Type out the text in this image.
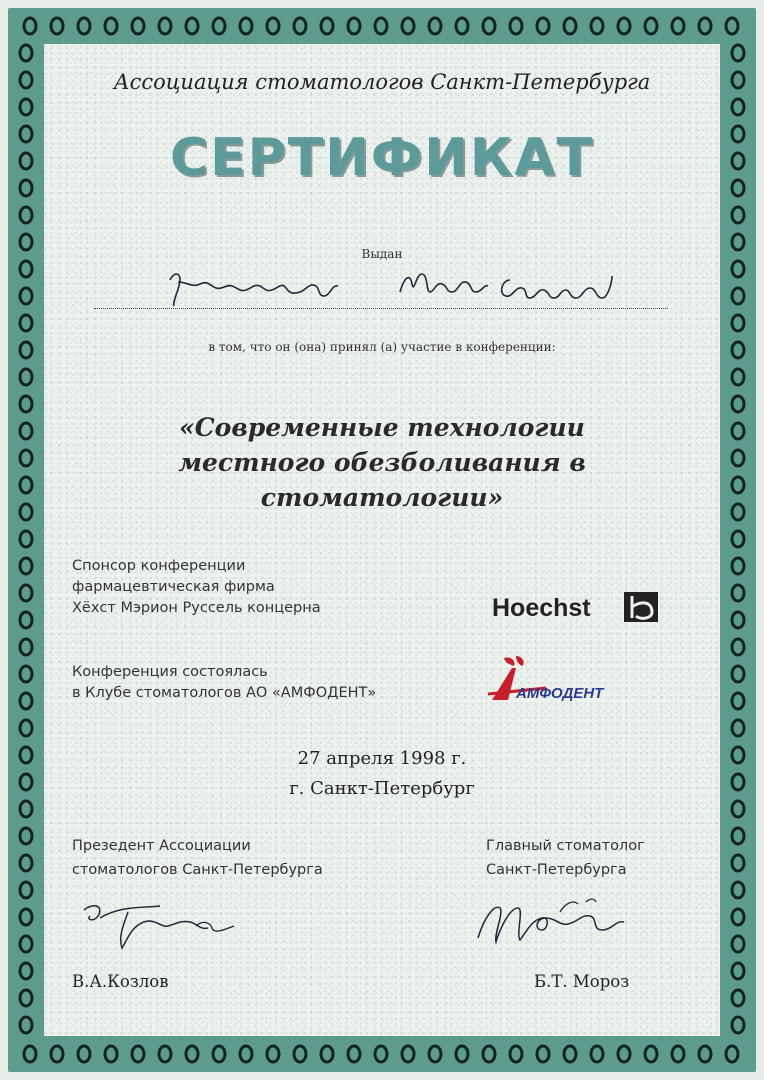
Ассоциация стоматологов Санкт-Петербурга
СЕРТИФИКАТ
Выдан
в том, что он (она) принял (а) участие в конференции:
«Современные технологии
местного обезболивания в
стоматологии»
Спонсор конференции
фармацевтическая фирма
Хёхст Мэрион Руссель концерна	Hoechst
Конференция состоялась
в Клубе стоматологов АО «АМФОДЕНТ»	АМФОДЕНТ
27 апреля 1998 г.
г. Санкт-Петербург
Презедент Ассоциации
стоматологов Санкт-Петербурга
Главный стоматолог
Санкт-Петербурга
В.А.Козлов	Б.Т. Мороз
